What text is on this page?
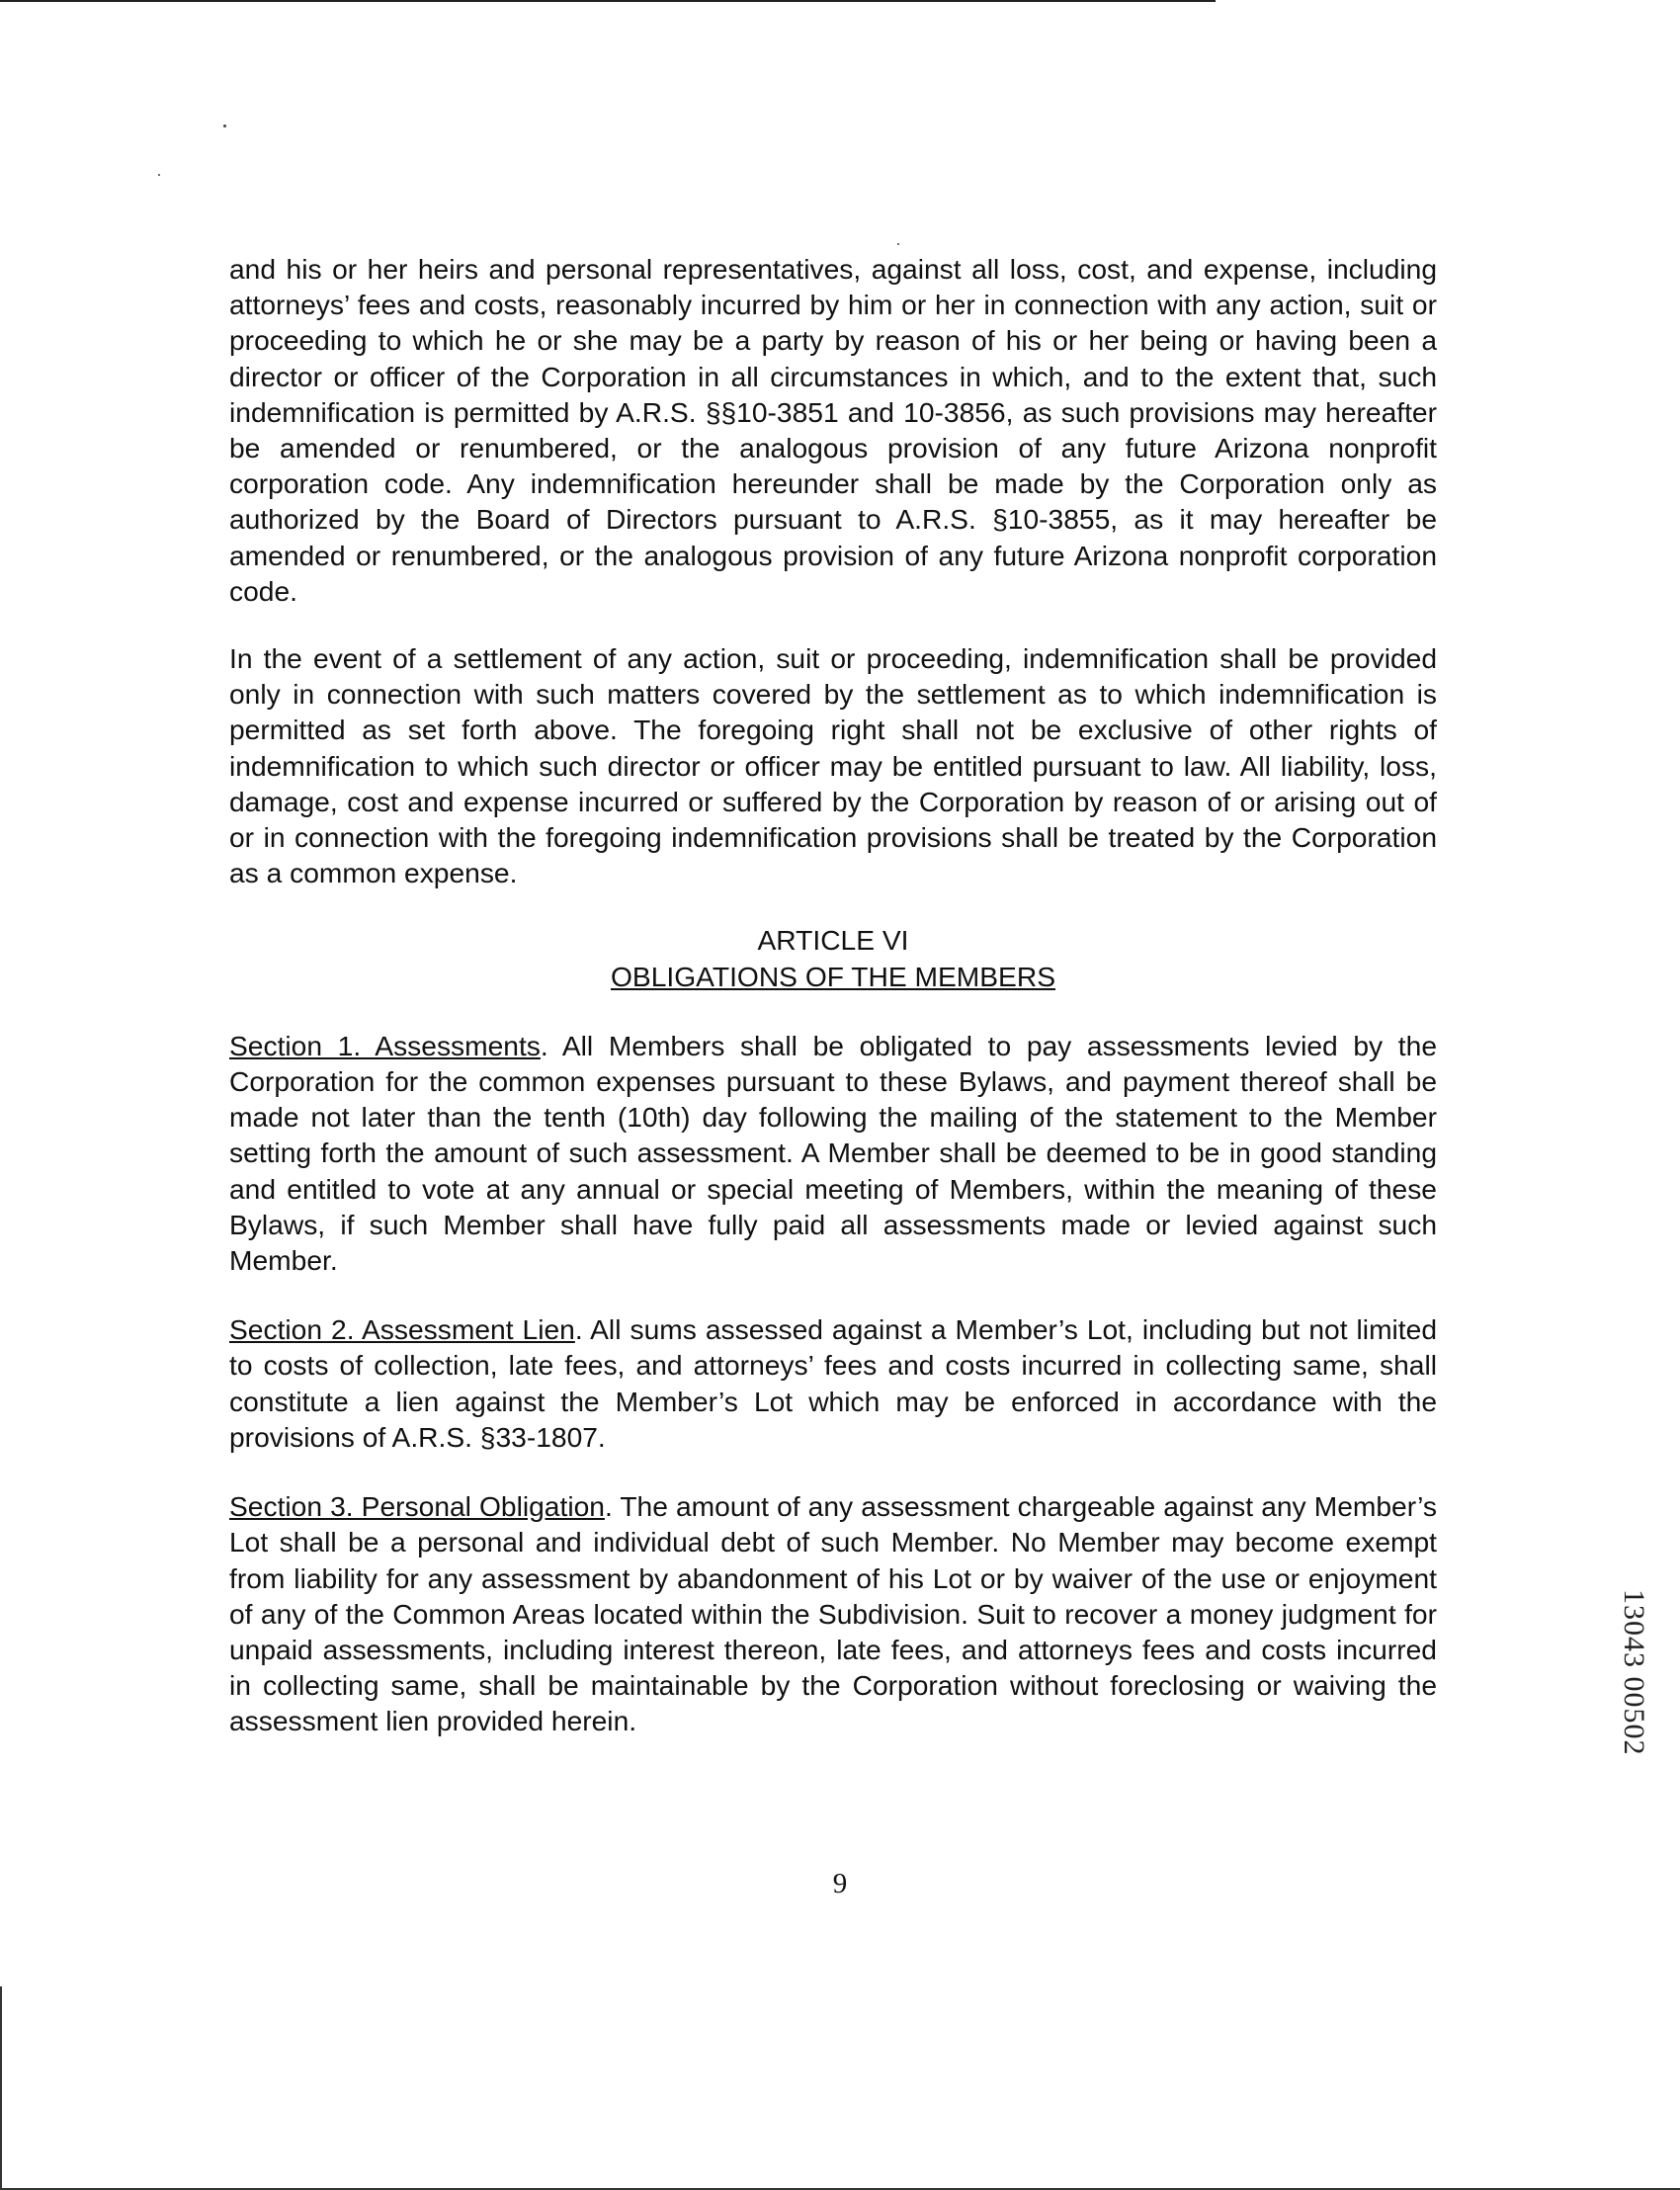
and his or her heirs and personal representatives, against all loss, cost, and expense, including attorneys’ fees and costs, reasonably incurred by him or her in connection with any action, suit or proceeding to which he or she may be a party by reason of his or her being or having been a director or officer of the Corporation in all circumstances in which, and to the extent that, such indemnification is permitted by A.R.S. §§10-3851 and 10-3856, as such provisions may hereafter be amended or renumbered, or the analogous provision of any future Arizona nonprofit corporation code. Any indemnification hereunder shall be made by the Corporation only as authorized by the Board of Directors pursuant to A.R.S. §10-3855, as it may hereafter be amended or renumbered, or the analogous provision of any future Arizona nonprofit corporation code.

In the event of a settlement of any action, suit or proceeding, indemnification shall be provided only in connection with such matters covered by the settlement as to which indemnification is permitted as set forth above. The foregoing right shall not be exclusive of other rights of indemnification to which such director or officer may be entitled pursuant to law. All liability, loss, damage, cost and expense incurred or suffered by the Corporation by reason of or arising out of or in connection with the foregoing indemnification provisions shall be treated by the Corporation as a common expense.

ARTICLE VI
OBLIGATIONS OF THE MEMBERS

Section 1. Assessments. All Members shall be obligated to pay assessments levied by the Corporation for the common expenses pursuant to these Bylaws, and payment thereof shall be made not later than the tenth (10th) day following the mailing of the statement to the Member setting forth the amount of such assessment. A Member shall be deemed to be in good standing and entitled to vote at any annual or special meeting of Members, within the meaning of these Bylaws, if such Member shall have fully paid all assessments made or levied against such Member.

Section 2. Assessment Lien. All sums assessed against a Member’s Lot, including but not limited to costs of collection, late fees, and attorneys’ fees and costs incurred in collecting same, shall constitute a lien against the Member’s Lot which may be enforced in accordance with the provisions of A.R.S. §33-1807.

Section 3. Personal Obligation. The amount of any assessment chargeable against any Member’s Lot shall be a personal and individual debt of such Member. No Member may become exempt from liability for any assessment by abandonment of his Lot or by waiver of the use or enjoyment of any of the Common Areas located within the Subdivision. Suit to recover a money judgment for unpaid assessments, including interest thereon, late fees, and attorneys fees and costs incurred in collecting same, shall be maintainable by the Corporation without foreclosing or waiving the assessment lien provided herein.

9
13043 00502
